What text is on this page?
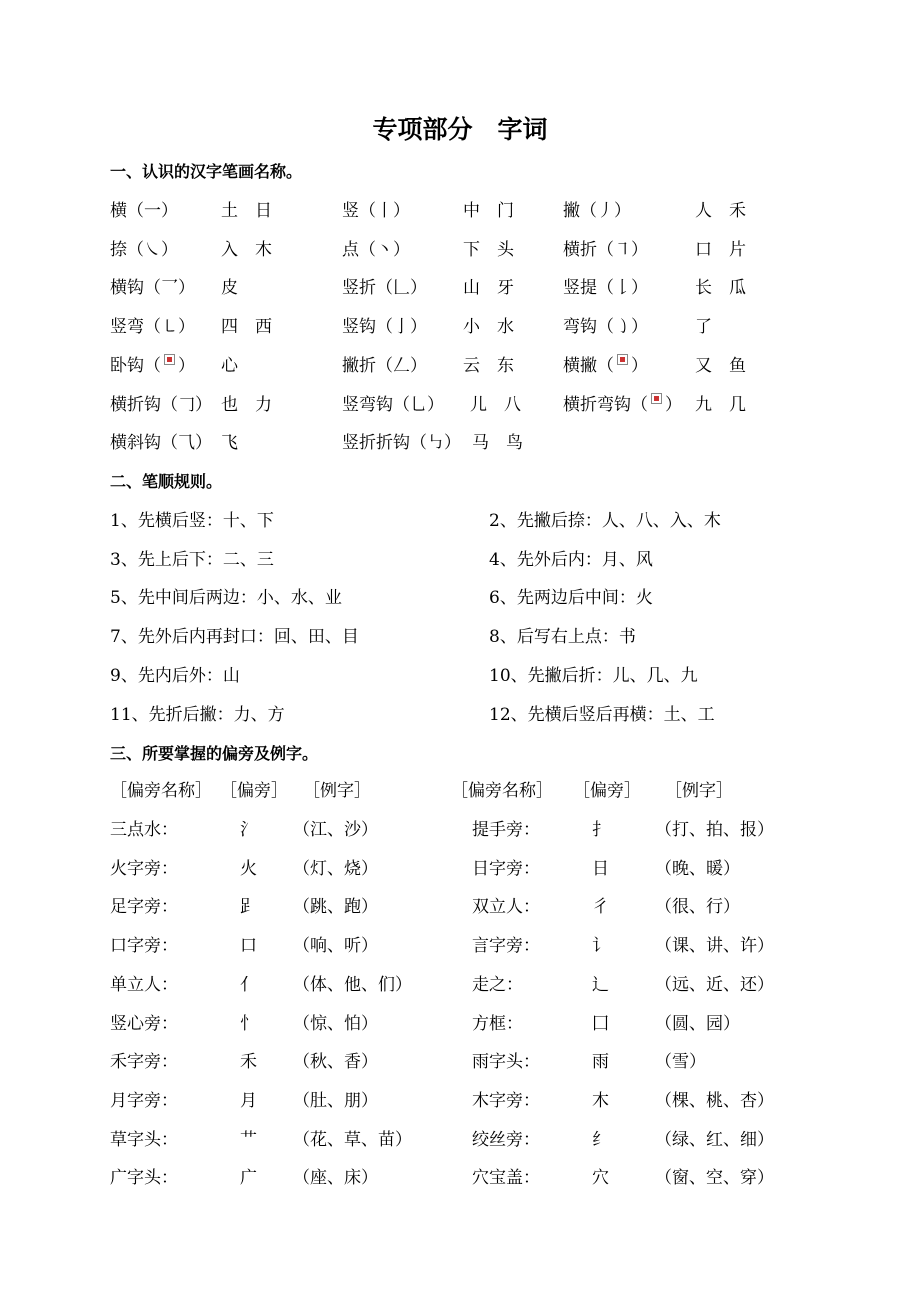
专项部分　字词
一、认识的汉字笔画名称。
横（一）	土　日	竖（丨）	中　门	撇（丿）	人　禾
捺（㇏）	入　木	点（丶）	下　头	横折（㇕）	口　片
横钩（乛） 皮	竖折（𠃊） 山　牙	竖提（𠄌）	长　瓜
竖弯（㇄） 四　西	竖钩（亅） 小　水	弯钩（㇁）	了
卧钩（ ） 心	撇折（𠃋） 云　东	横撇（ ）	又　鱼
横折钩（𠃌） 也　力	竖弯钩（乚） 儿　八 横折弯钩（ ） 九　几
横斜钩（⺄） 飞	竖折折钩（㇉） 马　鸟
二、笔顺规则。
1、先横后竖：十、下	2、先撇后捺：人、八、入、木
3、先上后下：二、三	4、先外后内：月、风
5、先中间后两边：小、水、业	6、先两边后中间：火
7、先外后内再封口：回、田、目	8、后写右上点：书
9、先内后外：山	10、先撇后折：儿、几、九
11、先折后撇：力、方	12、先横后竖后再横：土、工
三、所要掌握的偏旁及例字。
［偏旁名称］ ［偏旁］ ［例字］	［偏旁名称］ ［偏旁］ ［例字］
三点水：	氵 （江、沙）	提手旁：	扌	（打、拍、报）
火字旁：	火 （灯、烧）	日字旁：	日	（晚、暖）
足字旁：	𧾷 （跳、跑）	双立人：	彳	（很、行）
口字旁：	口 （响、听）	言字旁：	讠	（课、讲、许）
单立人：	亻 （体、他、们）	走之：	辶	（远、近、还）
竖心旁：	忄 （惊、怕）	方框：	囗	（圆、园）
禾字旁：	禾 （秋、香）	雨字头：	雨	（雪）
月字旁：	月 （肚、朋）	木字旁：	木	（棵、桃、杏）
草字头：	艹 （花、草、苗）	绞丝旁：	纟	（绿、红、细）
广字头：	广 （座、床）	穴宝盖：	穴	（窗、空、穿）
